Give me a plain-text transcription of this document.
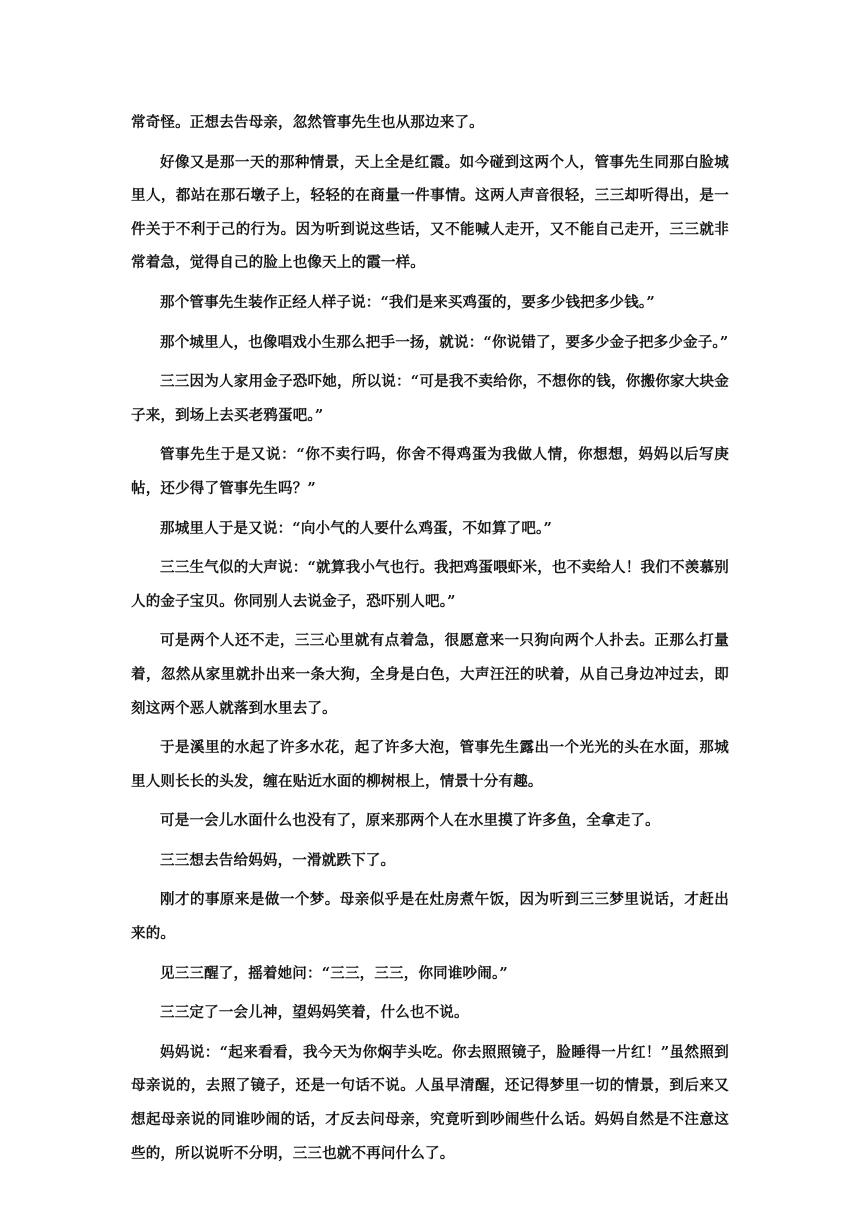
常奇怪。正想去告母亲，忽然管事先生也从那边来了。

好像又是那一天的那种情景，天上全是红霞。如今碰到这两个人，管事先生同那白脸城里人，都站在那石墩子上，轻轻的在商量一件事情。这两人声音很轻，三三却听得出，是一件关于不利于己的行为。因为听到说这些话，又不能喊人走开，又不能自己走开，三三就非常着急，觉得自己的脸上也像天上的霞一样。

那个管事先生装作正经人样子说：“我们是来买鸡蛋的，要多少钱把多少钱。”

那个城里人，也像唱戏小生那么把手一扬，就说：“你说错了，要多少金子把多少金子。”

三三因为人家用金子恐吓她，所以说：“可是我不卖给你，不想你的钱，你搬你家大块金子来，到场上去买老鸦蛋吧。”

管事先生于是又说：“你不卖行吗，你舍不得鸡蛋为我做人情，你想想，妈妈以后写庚帖，还少得了管事先生吗？”

那城里人于是又说：“向小气的人要什么鸡蛋，不如算了吧。”

三三生气似的大声说：“就算我小气也行。我把鸡蛋喂虾米，也不卖给人！我们不羡慕别人的金子宝贝。你同别人去说金子，恐吓别人吧。”

可是两个人还不走，三三心里就有点着急，很愿意来一只狗向两个人扑去。正那么打量着，忽然从家里就扑出来一条大狗，全身是白色，大声汪汪的吠着，从自己身边冲过去，即刻这两个恶人就落到水里去了。

于是溪里的水起了许多水花，起了许多大泡，管事先生露出一个光光的头在水面，那城里人则长长的头发，缠在贴近水面的柳树根上，情景十分有趣。

可是一会儿水面什么也没有了，原来那两个人在水里摸了许多鱼，全拿走了。

三三想去告给妈妈，一滑就跌下了。

刚才的事原来是做一个梦。母亲似乎是在灶房煮午饭，因为听到三三梦里说话，才赶出来的。

见三三醒了，摇着她问：“三三，三三，你同谁吵闹。”

三三定了一会儿神，望妈妈笑着，什么也不说。

妈妈说：“起来看看，我今天为你焖芋头吃。你去照照镜子，脸睡得一片红！”虽然照到母亲说的，去照了镜子，还是一句话不说。人虽早清醒，还记得梦里一切的情景，到后来又想起母亲说的同谁吵闹的话，才反去问母亲，究竟听到吵闹些什么话。妈妈自然是不注意这些的，所以说听不分明，三三也就不再问什么了。
